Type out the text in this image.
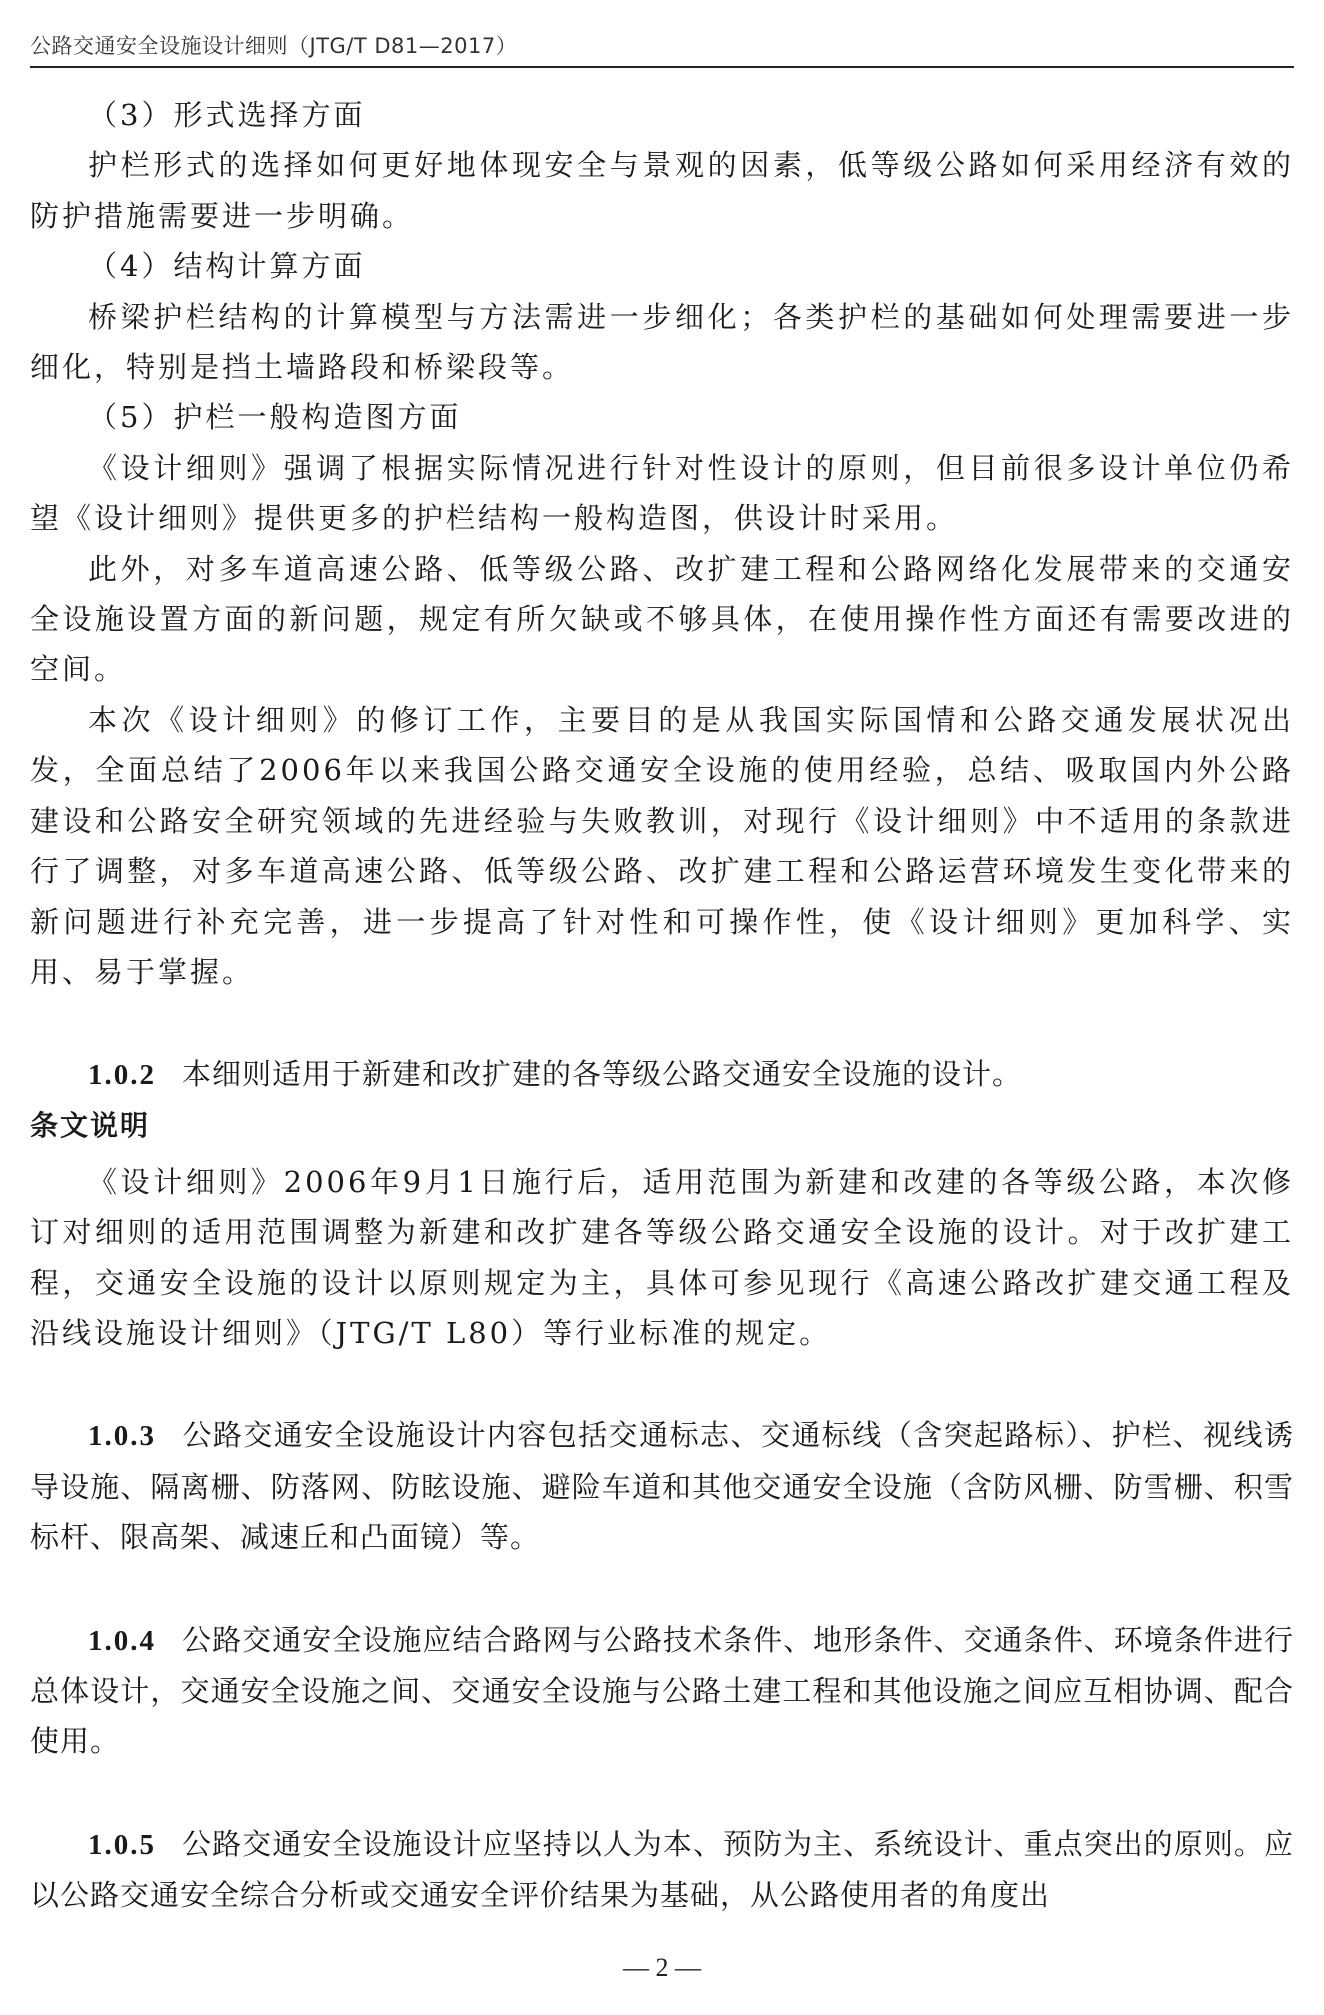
公路交通安全设施设计细则（JTG/T D81—2017）

（3）形式选择方面

护栏形式的选择如何更好地体现安全与景观的因素，低等级公路如何采用经济有效的防护措施需要进一步明确。

（4）结构计算方面

桥梁护栏结构的计算模型与方法需进一步细化；各类护栏的基础如何处理需要进一步细化，特别是挡土墙路段和桥梁段等。

（5）护栏一般构造图方面

《设计细则》强调了根据实际情况进行针对性设计的原则，但目前很多设计单位仍希望《设计细则》提供更多的护栏结构一般构造图，供设计时采用。

此外，对多车道高速公路、低等级公路、改扩建工程和公路网络化发展带来的交通安全设施设置方面的新问题，规定有所欠缺或不够具体，在使用操作性方面还有需要改进的空间。

本次《设计细则》的修订工作，主要目的是从我国实际国情和公路交通发展状况出发，全面总结了2006年以来我国公路交通安全设施的使用经验，总结、吸取国内外公路建设和公路安全研究领域的先进经验与失败教训，对现行《设计细则》中不适用的条款进行了调整，对多车道高速公路、低等级公路、改扩建工程和公路运营环境发生变化带来的新问题进行补充完善，进一步提高了针对性和可操作性，使《设计细则》更加科学、实用、易于掌握。

1.0.2 本细则适用于新建和改扩建的各等级公路交通安全设施的设计。

条文说明

《设计细则》2006年9月1日施行后，适用范围为新建和改建的各等级公路，本次修订对细则的适用范围调整为新建和改扩建各等级公路交通安全设施的设计。对于改扩建工程，交通安全设施的设计以原则规定为主，具体可参见现行《高速公路改扩建交通工程及沿线设施设计细则》（JTG/T L80）等行业标准的规定。

1.0.3 公路交通安全设施设计内容包括交通标志、交通标线（含突起路标）、护栏、视线诱导设施、隔离栅、防落网、防眩设施、避险车道和其他交通安全设施（含防风栅、防雪栅、积雪标杆、限高架、减速丘和凸面镜）等。

1.0.4 公路交通安全设施应结合路网与公路技术条件、地形条件、交通条件、环境条件进行总体设计，交通安全设施之间、交通安全设施与公路土建工程和其他设施之间应互相协调、配合使用。

1.0.5 公路交通安全设施设计应坚持以人为本、预防为主、系统设计、重点突出的原则。应以公路交通安全综合分析或交通安全评价结果为基础，从公路使用者的角度出

— 2 —
